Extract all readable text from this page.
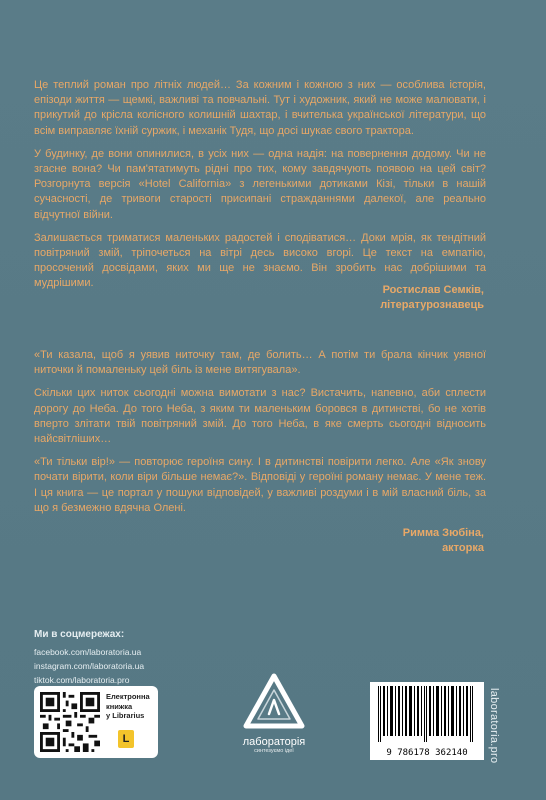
Це теплий роман про літніх людей… За кожним і кожною з них — особлива історія, епізоди життя — щемкі, важливі та повчальні. Тут і художник, який не може малювати, і прикутий до крісла колісного колишній шахтар, і вчителька української літератури, що всім виправляє їхній суржик, і механік Тудя, що досі шукає свого трактора.

У будинку, де вони опинилися, в усіх них — одна надія: на повернення додому. Чи не згасне вона? Чи пам'ятатимуть рідні про тих, кому завдячують появою на цей світ? Розгорнута версія «Hotel California» з легенькими дотиками Кізі, тільки в нашій сучасності, де тривоги старості присипані стражданнями далекої, але реально відчутної війни.

Залишається триматися маленьких радостей і сподіватися… Доки мрія, як тендітний повітряний змій, тріпочеться на вітрі десь високо вгорі. Це текст на емпатію, просочений досвідами, яких ми ще не знаємо. Він зробить нас добрішими та мудрішими.

Ростислав Семків,
літературознавець

«Ти казала, щоб я уявив ниточку там, де болить… А потім ти брала кінчик уявної ниточки й помаленьку цей біль із мене витягувала».

Скільки цих ниток сьогодні можна вимотати з нас? Вистачить, напевно, аби сплести дорогу до Неба. До того Неба, з яким ти маленьким боровся в дитинстві, бо не хотів вперто злітати твій повітряний змій. До того Неба, в яке смерть сьогодні відносить найсвітліших…

«Ти тільки вір!» — повторює героїня сину. І в дитинстві повірити легко. Але «Як знову почати вірити, коли віри більше немає?». Відповіді у героїні роману немає. У мене теж. І ця книга — це портал у пошуки відповідей, у важливі роздуми і в мій власний біль, за що я безмежно вдячна Олені.

Римма Зюбіна,
акторка
Ми в соцмережах:
facebook.com/laboratoria.ua
instagram.com/laboratoria.ua
tiktok.com/laboratoria.pro
Електронна
книжка
у Librarius
L	лабораторія
синтезуємо ідеї	9 786178 362140	laboratoria.pro
